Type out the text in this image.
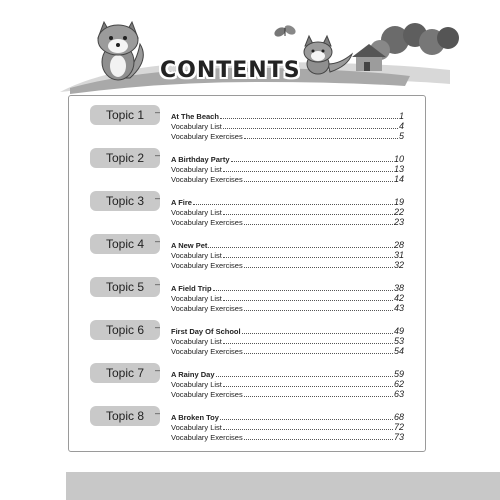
CONTENTS
Topic 1	– At The Beach	1
Vocabulary List	4
Vocabulary Exercises	5
Topic 2	– A Birthday Party	10
Vocabulary List	13
Vocabulary Exercises	14
Topic 3	– A Fire	19
Vocabulary List	22
Vocabulary Exercises	23
Topic 4	– A New Pet	28
Vocabulary List	31
Vocabulary Exercises	32
Topic 5	– A Field Trip	38
Vocabulary List	42
Vocabulary Exercises	43
Topic 6	– First Day Of School	49
Vocabulary List	53
Vocabulary Exercises	54
Topic 7	– A Rainy Day	59
Vocabulary List	62
Vocabulary Exercises	63
Topic 8	– A Broken Toy	68
Vocabulary List	72
Vocabulary Exercises	73
